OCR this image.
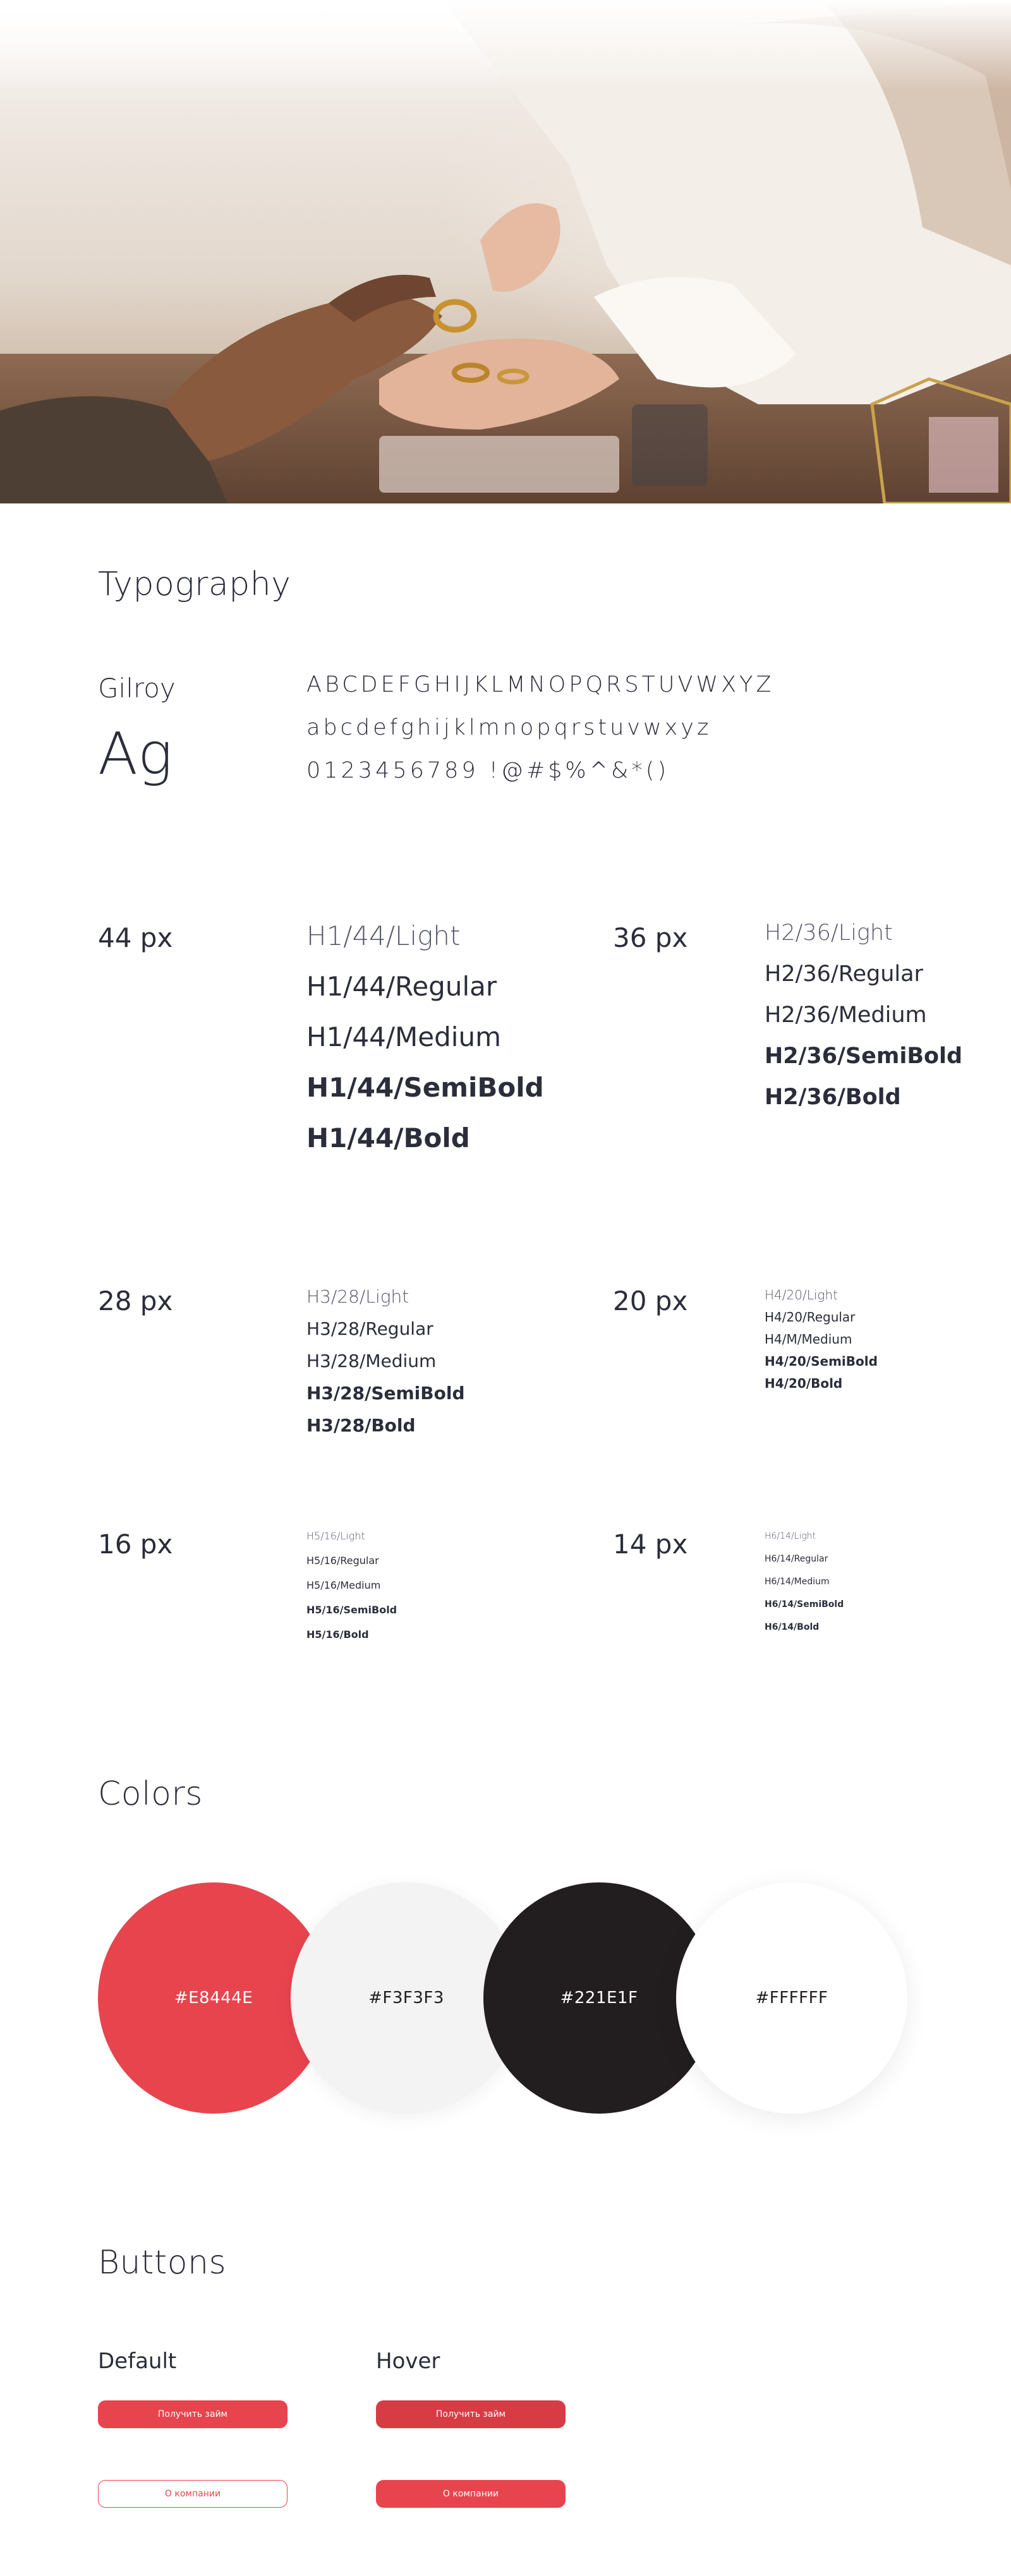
Typography
Gilroy
Ag
ABCDEFGHIJKLMNOPQRSTUVWXYZ
abcdefghijklmnopqrstuvwxyz
0123456789 !@#$%^&*()
44 px	H1/44/Light
H1/44/Regular
H1/44/Medium
H1/44/SemiBold
H1/44/Bold
36 px	H2/36/Light
H2/36/Regular
H2/36/Medium
H2/36/SemiBold
H2/36/Bold
28 px	H3/28/Light
H3/28/Regular
H3/28/Medium
H3/28/SemiBold
H3/28/Bold
20 px	H4/20/Light
H4/20/Regular
H4/M/Medium
H4/20/SemiBold
H4/20/Bold
16 px	H5/16/Light
H5/16/Regular
H5/16/Medium
H5/16/SemiBold
H5/16/Bold
14 px	H6/14/Light
H6/14/Regular
H6/14/Medium
H6/14/SemiBold
H6/14/Bold
Colors
#E8444E	#F3F3F3	#221E1F	#FFFFFF
Buttons
Default	Hover
Получить займ	Получить займ
О компании	О компании
